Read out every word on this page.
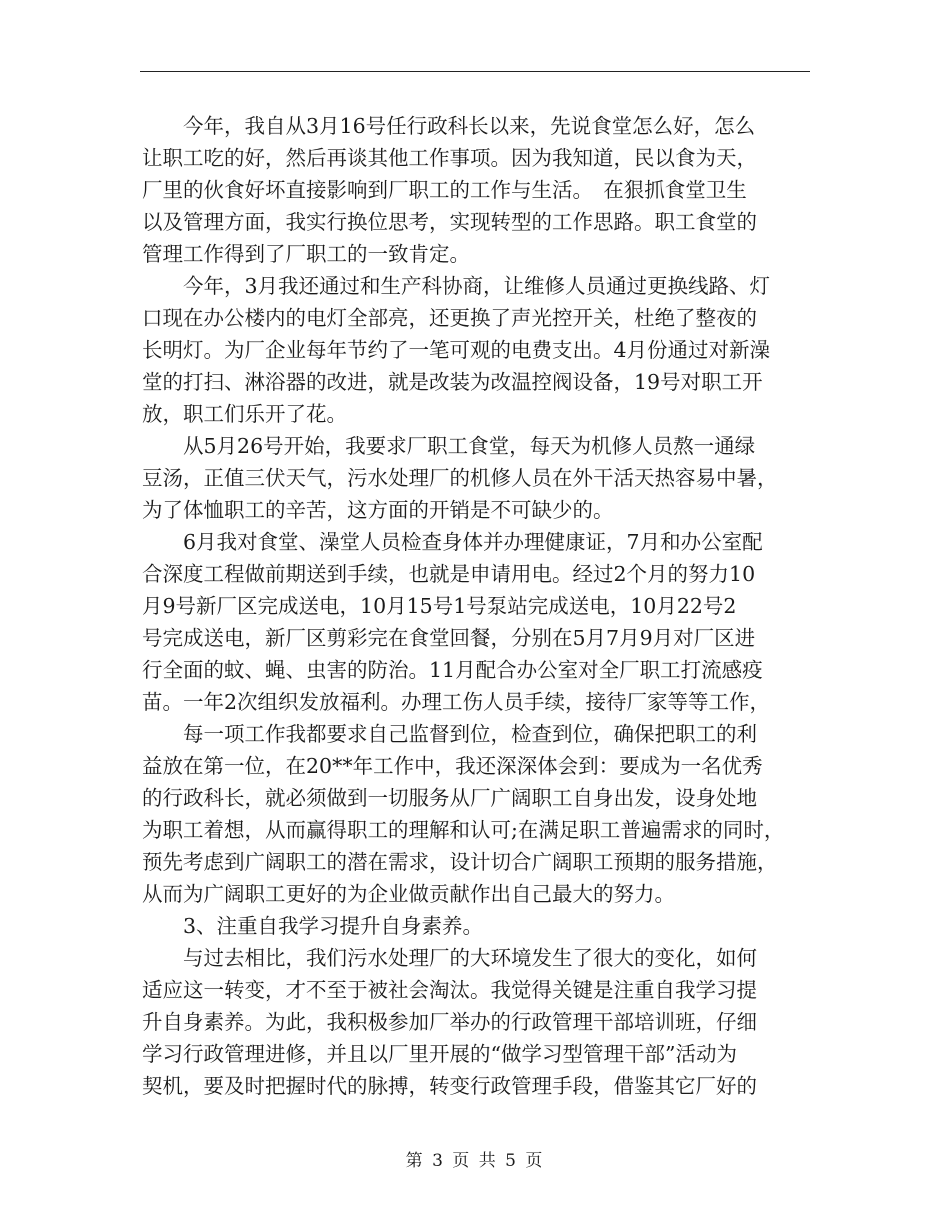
　　今年，我自从3月16号任行政科长以来，先说食堂怎么好，怎么
让职工吃的好，然后再谈其他工作事项。因为我知道，民以食为天，
厂里的伙食好坏直接影响到厂职工的工作与生活。　在狠抓食堂卫生
以及管理方面，我实行换位思考，实现转型的工作思路。职工食堂的
管理工作得到了厂职工的一致肯定。
　　今年，3月我还通过和生产科协商，让维修人员通过更换线路、灯
口现在办公楼内的电灯全部亮，还更换了声光控开关，杜绝了整夜的
长明灯。为厂企业每年节约了一笔可观的电费支出。4月份通过对新澡
堂的打扫、淋浴器的改进，就是改装为改温控阀设备，19号对职工开
放，职工们乐开了花。
　　从5月26号开始，我要求厂职工食堂，每天为机修人员熬一通绿
豆汤，正值三伏天气，污水处理厂的机修人员在外干活天热容易中暑，
为了体恤职工的辛苦，这方面的开销是不可缺少的。
　　6月我对食堂、澡堂人员检查身体并办理健康证，7月和办公室配
合深度工程做前期送到手续，也就是申请用电。经过2个月的努力10
月9号新厂区完成送电，10月15号1号泵站完成送电，10月22号2
号完成送电，新厂区剪彩完在食堂回餐，分别在5月7月9月对厂区进
行全面的蚊、蝇、虫害的防治。11月配合办公室对全厂职工打流感疫
苗。一年2次组织发放福利。办理工伤人员手续，接待厂家等等工作，
　　每一项工作我都要求自己监督到位，检查到位，确保把职工的利
益放在第一位，在20**年工作中，我还深深体会到：要成为一名优秀
的行政科长，就必须做到一切服务从厂广阔职工自身出发，设身处地
为职工着想，从而赢得职工的理解和认可;在满足职工普遍需求的同时，
预先考虑到广阔职工的潜在需求，设计切合广阔职工预期的服务措施，
从而为广阔职工更好的为企业做贡献作出自己最大的努力。
　　3、注重自我学习提升自身素养。
　　与过去相比，我们污水处理厂的大环境发生了很大的变化，如何
适应这一转变，才不至于被社会淘汰。我觉得关键是注重自我学习提
升自身素养。为此，我积极参加厂举办的行政管理干部培训班，仔细
学习行政管理进修，并且以厂里开展的“做学习型管理干部”活动为
契机，要及时把握时代的脉搏，转变行政管理手段，借鉴其它厂好的
第 3 页 共 5 页
